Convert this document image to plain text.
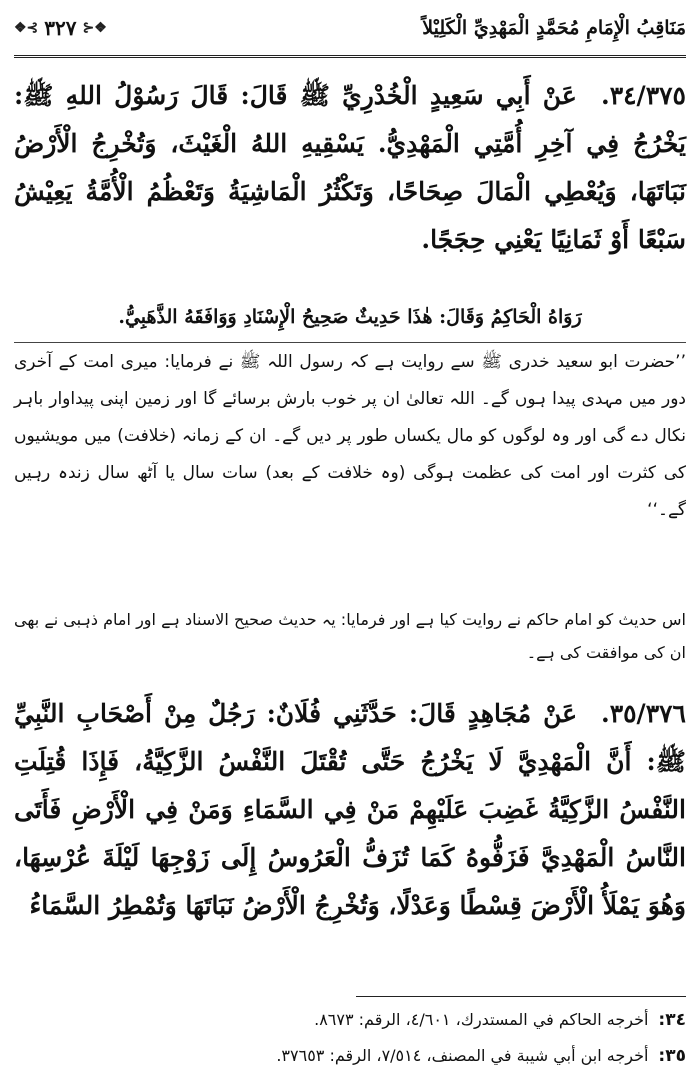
مَنَاقِبُ الْإِمَامِ مُحَمَّدٍ الْمَهْدِيِّ الْكَلِيْلاً
❖⊰
٣٢٧
⊱❖
٣٤/٣٧٥. عَنْ أَبِي سَعِيدٍ الْخُدْرِيِّ ﷺ قَالَ: قَالَ رَسُوْلُ اللهِ ﷺ: يَخْرُجُ فِي آخِرِ أُمَّتِي الْمَهْدِيُّ. يَسْقِيهِ اللهُ الْغَيْثَ، وَتُخْرِجُ الْأَرْضُ نَبَاتَهَا، وَيُعْطِي الْمَالَ صِحَاحًا، وَتَكْثُرُ الْمَاشِيَةُ وَتَعْظُمُ الْأُمَّةُ يَعِيْشُ سَبْعًا أَوْ ثَمَانِيًا يَعْنِي حِجَجًا.
رَوَاهُ الْحَاكِمُ وَقَالَ: هٰذَا حَدِيثٌ صَحِيحُ الْإِسْنَادِ وَوَافَقَهُ الذَّهَبِيُّ.
’’حضرت ابو سعید خدری ﷺ سے روایت ہے کہ رسول اللہ ﷺ نے فرمایا: میری امت کے آخری دور میں مہدی پیدا ہوں گے۔ اللہ تعالیٰ ان پر خوب بارش برسائے گا اور زمین اپنی پیداوار باہر نکال دے گی اور وہ لوگوں کو مال یکساں طور پر دیں گے۔ ان کے زمانہ (خلافت) میں مویشیوں کی کثرت اور امت کی عظمت ہوگی (وہ خلافت کے بعد) سات سال یا آٹھ سال زندہ رہیں گے۔‘‘
اس حدیث کو امام حاکم نے روایت کیا ہے اور فرمایا: یہ حدیث صحیح الاسناد ہے اور امام ذہبی نے بھی ان کی موافقت کی ہے۔
٣٥/٣٧٦. عَنْ مُجَاهِدٍ قَالَ: حَدَّثَنِي فُلَانٌ: رَجُلٌ مِنْ أَصْحَابِ النَّبِيِّ ﷺ: أَنَّ الْمَهْدِيَّ لَا يَخْرُجُ حَتَّى تُقْتَلَ النَّفْسُ الزَّكِيَّةُ، فَإِذَا قُتِلَتِ النَّفْسُ الزَّكِيَّةُ غَضِبَ عَلَيْهِمْ مَنْ فِي السَّمَاءِ وَمَنْ فِي الْأَرْضِ فَأَتَى النَّاسُ الْمَهْدِيَّ فَزَفُّوهُ كَمَا تُزَفُّ الْعَرُوسُ إِلَى زَوْجِهَا لَيْلَةَ عُرْسِهَا، وَهُوَ يَمْلَأُ الْأَرْضَ قِسْطًا وَعَدْلًا، وَتُخْرِجُ الْأَرْضُ نَبَاتَهَا وَتُمْطِرُ السَّمَاءُ
٣٤:
أخرجه الحاكم في المستدرك، ٤/٦٠١، الرقم: ٨٦٧٣.
٣٥:
أخرجه ابن أبي شيبة في المصنف، ٧/٥١٤، الرقم: ٣٧٦٥٣.
